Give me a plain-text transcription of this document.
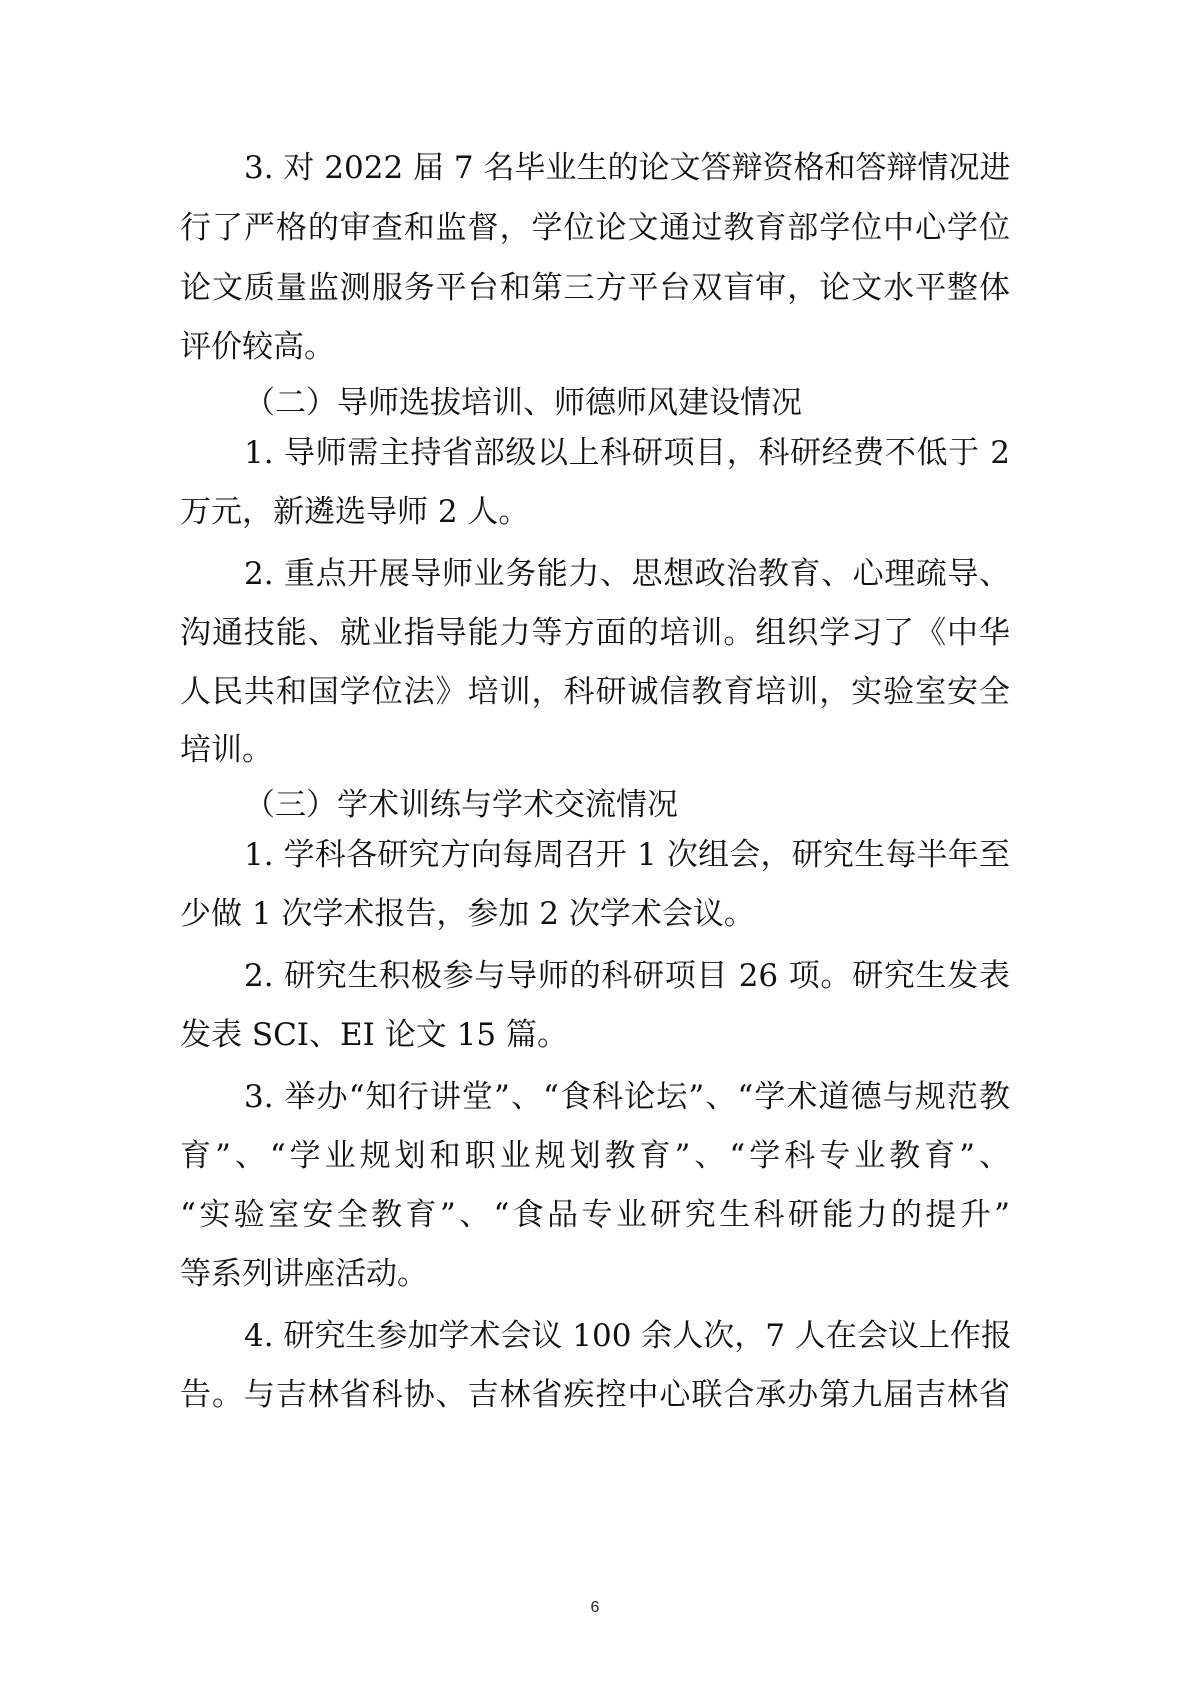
3. 对 2022 届 7 名毕业生的论文答辩资格和答辩情况进
行了严格的审查和监督，学位论文通过教育部学位中心学位
论文质量监测服务平台和第三方平台双盲审，论文水平整体
评价较高。
（二）导师选拔培训、师德师风建设情况
1. 导师需主持省部级以上科研项目，科研经费不低于 2
万元，新遴选导师 2 人。
2. 重点开展导师业务能力、思想政治教育、心理疏导、
沟通技能、就业指导能力等方面的培训。组织学习了《中华
人民共和国学位法》培训，科研诚信教育培训，实验室安全
培训。
（三）学术训练与学术交流情况
1. 学科各研究方向每周召开 1 次组会，研究生每半年至
少做 1 次学术报告，参加 2 次学术会议。
2. 研究生积极参与导师的科研项目 26 项。研究生发表
发表 SCI、EI 论文 15 篇。
3. 举办“知行讲堂”、“食科论坛”、“学术道德与规范教
育”、“学业规划和职业规划教育”、“学科专业教育”、
“实验室安全教育”、“食品专业研究生科研能力的提升”
等系列讲座活动。
4. 研究生参加学术会议 100 余人次，7 人在会议上作报
告。与吉林省科协、吉林省疾控中心联合承办第九届吉林省
6
